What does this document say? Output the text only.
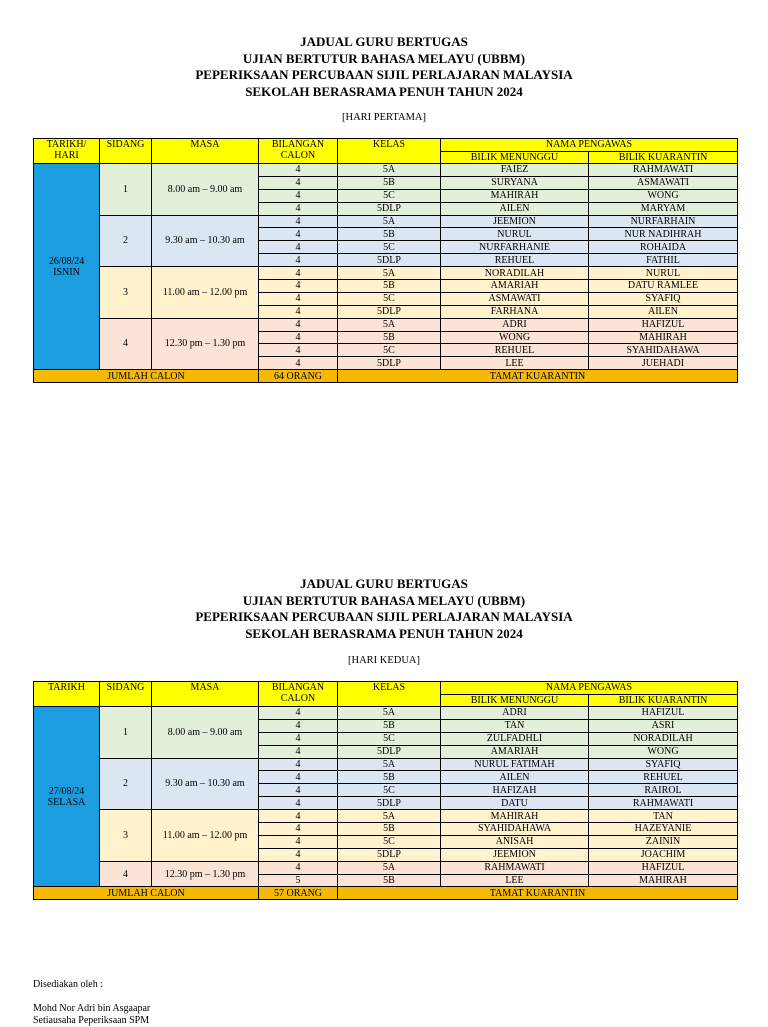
JADUAL GURU BERTUGAS
UJIAN BERTUTUR BAHASA MELAYU (UBBM)
PEPERIKSAAN PERCUBAAN SIJIL PERLAJARAN MALAYSIA
SEKOLAH BERASRAMA PENUH TAHUN 2024
[HARI PERTAMA]
TARIKH/ HARI	SIDANG	MASA	BILANGAN CALON	KELAS	NAMA PENGAWAS	
					BILIK MENUNGGU	BILIK KUARANTIN

26/08/24
ISNIN	1	8.00 am – 9.00 am	4	5A	FAIEZ	RAHMAWATI
			4	5B	SURYANA	ASMAWATI
			4	5C	MAHIRAH	WONG
			4	5DLP	AILEN	MARYAM
	2	9.30 am – 10.30 am	4	5A	JEEMION	NURFARHAIN
			4	5B	NURUL	NUR NADIHRAH
			4	5C	NURFARHANIE	ROHAIDA
			4	5DLP	REHUEL	FATHIL
	3	11.00 am – 12.00 pm	4	5A	NORADILAH	NURUL
			4	5B	AMARIAH	DATU RAMLEE
			4	5C	ASMAWATI	SYAFIQ
			4	5DLP	FARHANA	AILEN
	4	12.30 pm – 1.30 pm	4	5A	ADRI	HAFIZUL
			4	5B	WONG	MAHIRAH
			4	5C	REHUEL	SYAHIDAHAWA
			4	5DLP	LEE	JUEHADI
JUMLAH CALON			64 ORANG	TAMAT KUARANTIN		
JADUAL GURU BERTUGAS
UJIAN BERTUTUR BAHASA MELAYU (UBBM)
PEPERIKSAAN PERCUBAAN SIJIL PERLAJARAN MALAYSIA
SEKOLAH BERASRAMA PENUH TAHUN 2024
[HARI KEDUA]
TARIKH	SIDANG	MASA	BILANGAN CALON	KELAS	NAMA PENGAWAS	
					BILIK MENUNGGU	BILIK KUARANTIN

27/08/24
SELASA	1	8.00 am – 9.00 am	4	5A	ADRI	HAFIZUL
			4	5B	TAN	ASRI
			4	5C	ZULFADHLI	NORADILAH
			4	5DLP	AMARIAH	WONG
	2	9.30 am – 10.30 am	4	5A	NURUL FATIMAH	SYAFIQ
			4	5B	AILEN	REHUEL
			4	5C	HAFIZAH	RAIROL
			4	5DLP	DATU	RAHMAWATI
	3	11.00 am – 12.00 pm	4	5A	MAHIRAH	TAN
			4	5B	SYAHIDAHAWA	HAZEYANIE
			4	5C	ANISAH	ZAININ
			4	5DLP	JEEMION	JOACHIM
	4	12.30 pm – 1.30 pm	4	5A	RAHMAWATI	HAFIZUL
			5	5B	LEE	MAHIRAH
JUMLAH CALON			57 ORANG	TAMAT KUARANTIN		
Disediakan oleh :
Mohd Nor Adri bin Asgaapar
Setiausaha Peperiksaan SPM
